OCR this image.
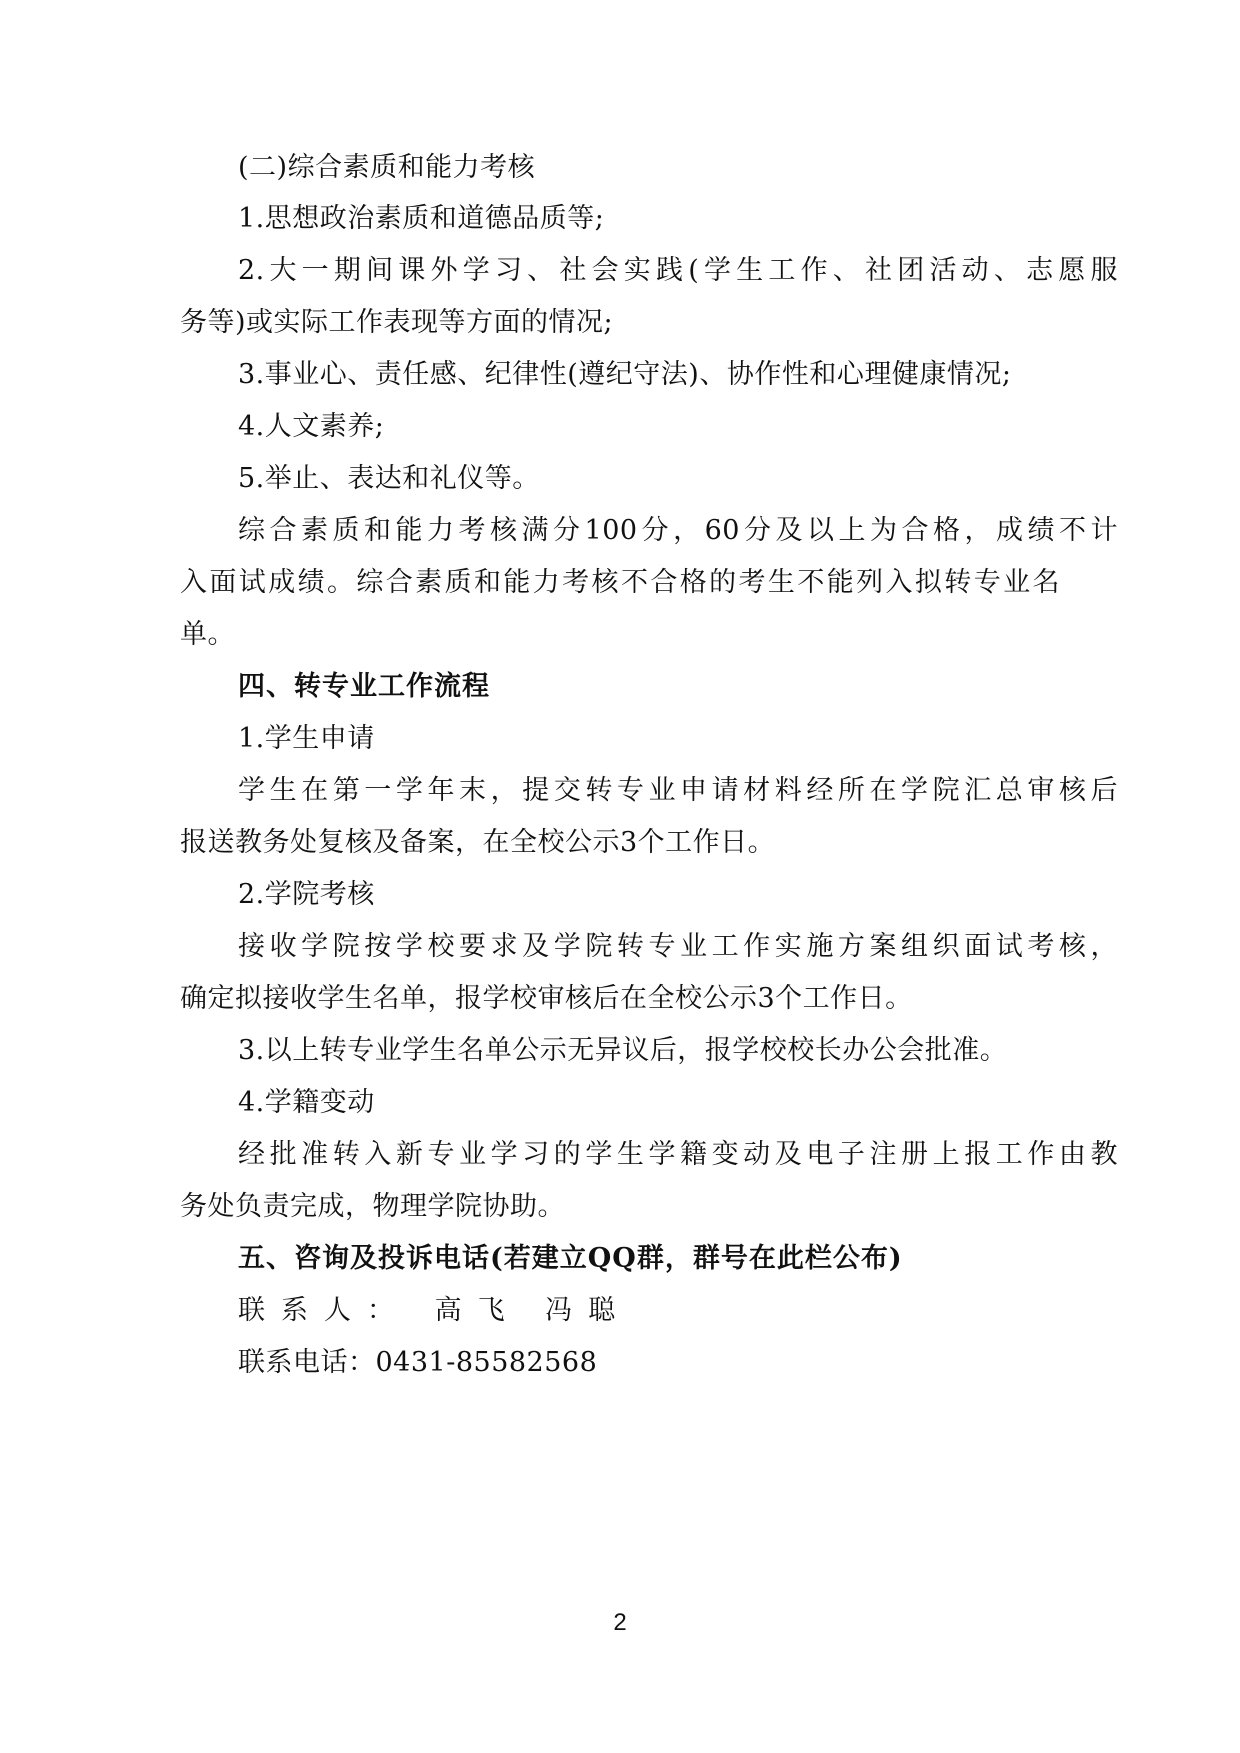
(二)综合素质和能力考核
1.思想政治素质和道德品质等;
2.大一期间课外学习、社会实践(学生工作、社团活动、志愿服
务等)或实际工作表现等方面的情况;
3.事业心、责任感、纪律性(遵纪守法)、协作性和心理健康情况;
4.人文素养;
5.举止、表达和礼仪等。
综合素质和能力考核满分100分，60分及以上为合格，成绩不计
入面试成绩。综合素质和能力考核不合格的考生不能列入拟转专业名
单。
四、转专业工作流程
1.学生申请
学生在第一学年末，提交转专业申请材料经所在学院汇总审核后
报送教务处复核及备案，在全校公示3个工作日。
2.学院考核
接收学院按学校要求及学院转专业工作实施方案组织面试考核，
确定拟接收学生名单，报学校审核后在全校公示3个工作日。
3.以上转专业学生名单公示无异议后，报学校校长办公会批准。
4.学籍变动
经批准转入新专业学习的学生学籍变动及电子注册上报工作由教
务处负责完成，物理学院协助。
五、咨询及投诉电话(若建立QQ群，群号在此栏公布)
联系人： 高飞 冯聪
联系电话：0431-85582568
2
